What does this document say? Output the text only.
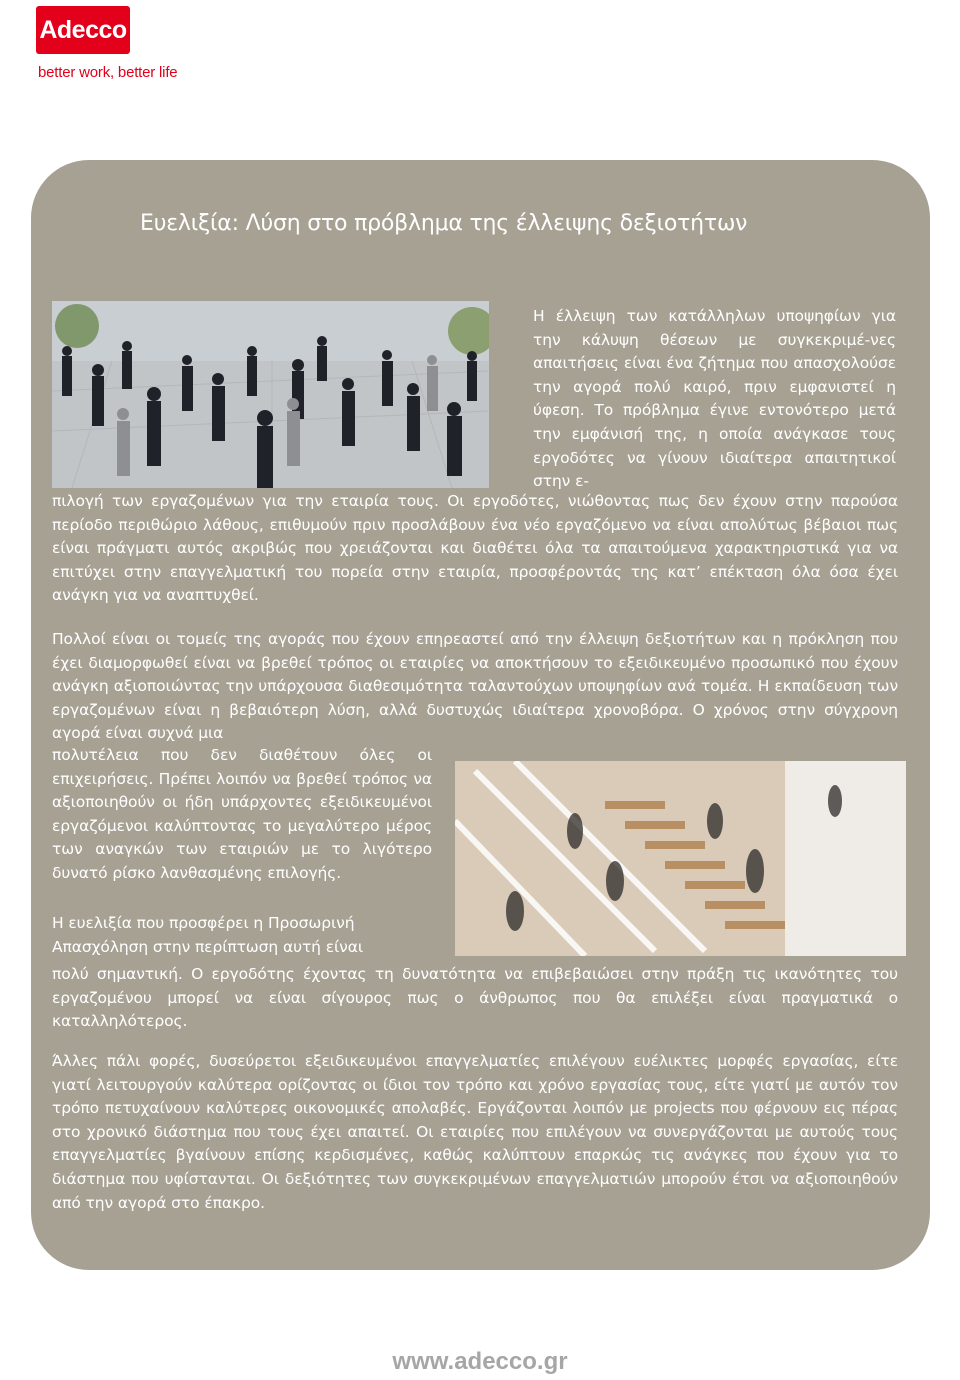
Adecco
better work, better life
Ευελιξία: Λύση στο πρόβλημα της έλλειψης δεξιοτήτων

Η έλλειψη των κατάλληλων υποψηφίων για την κάλυψη θέσεων με συγκεκριμέ-νες απαιτήσεις είναι ένα ζήτημα που απασχολούσε την αγορά πολύ καιρό, πριν εμφανιστεί η ύφεση. Το πρόβλημα έγινε εντονότερο μετά την εμφάνισή της, η οποία ανάγκασε τους εργοδότες να γίνουν ιδιαίτερα απαιτητικοί στην ε-

πιλογή των εργαζομένων για την εταιρία τους. Οι εργοδότες, νιώθοντας πως δεν έχουν στην παρούσα περίοδο περιθώριο λάθους, επιθυμούν πριν προσλάβουν ένα νέο εργαζόμενο να είναι απολύτως βέβαιοι πως είναι πράγματι αυτός ακριβώς που χρειάζονται και διαθέτει όλα τα απαιτούμενα χαρακτηριστικά για να επιτύχει στην επαγγελματική του πορεία στην εταιρία, προσφέροντάς της κατ’ επέκταση όλα όσα έχει ανάγκη για να αναπτυχθεί.

Πολλοί είναι οι τομείς της αγοράς που έχουν επηρεαστεί από την έλλειψη δεξιοτήτων και η πρόκληση που έχει διαμορφωθεί είναι να βρεθεί τρόπος οι εταιρίες να αποκτήσουν το εξειδικευμένο προσωπικό που έχουν ανάγκη αξιοποιώντας την υπάρχουσα διαθεσιμότητα ταλαντούχων υποψηφίων ανά τομέα. Η εκπαίδευση των εργαζομένων είναι η βεβαιότερη λύση, αλλά δυστυχώς ιδιαίτερα χρονοβόρα. Ο χρόνος στην σύγχρονη αγορά είναι συχνά μια

πολυτέλεια που δεν διαθέτουν όλες οι επιχειρήσεις. Πρέπει λοιπόν να βρεθεί τρόπος να αξιοποιηθούν οι ήδη υπάρχοντες εξειδικευμένοι εργαζόμενοι καλύπτοντας το μεγαλύτερο μέρος των αναγκών των εταιριών με το λιγότερο δυνατό ρίσκο λανθασμένης επιλογής.

Η ευελιξία που προσφέρει η Προσωρινή Απασχόληση στην περίπτωση αυτή είναι

πολύ σημαντική. Ο εργοδότης έχοντας τη δυνατότητα να επιβεβαιώσει στην πράξη τις ικανότητες του εργαζομένου μπορεί να είναι σίγουρος πως ο άνθρωπος που θα επιλέξει είναι πραγματικά ο καταλληλότερος.

Άλλες πάλι φορές, δυσεύρετοι εξειδικευμένοι επαγγελματίες επιλέγουν ευέλικτες μορφές εργασίας, είτε γιατί λειτουργούν καλύτερα ορίζοντας οι ίδιοι τον τρόπο και χρόνο εργασίας τους, είτε γιατί με αυτόν τον τρόπο πετυχαίνουν καλύτερες οικονομικές απολαβές. Εργάζονται λοιπόν με projects που φέρνουν εις πέρας στο χρονικό διάστημα που τους έχει απαιτεί. Οι εταιρίες που επιλέγουν να συνεργάζονται με αυτούς τους επαγγελματίες βγαίνουν επίσης κερδισμένες, καθώς καλύπτουν επαρκώς τις ανάγκες που έχουν για το διάστημα που υφίστανται. Οι δεξιότητες των συγκεκριμένων επαγγελματιών μπορούν έτσι να αξιοποιηθούν από την αγορά στο έπακρο.

www.adecco.gr
